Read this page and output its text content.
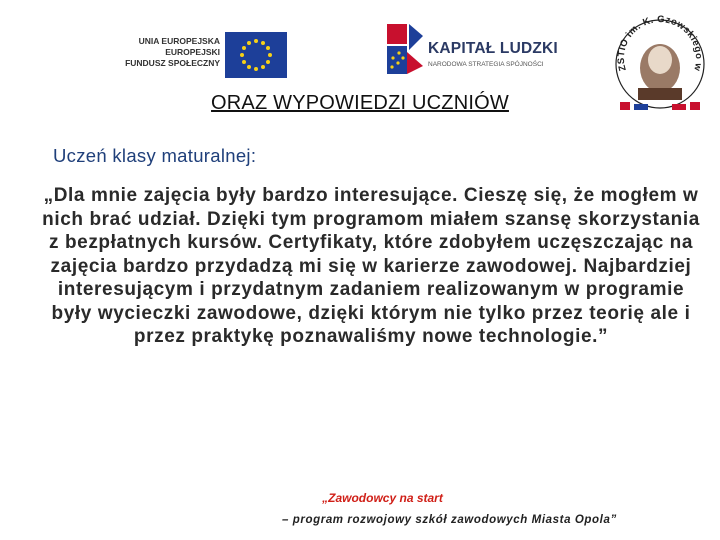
UNIA EUROPEJSKA
EUROPEJSKI
FUNDUSZ SPOŁECZNY
KAPITAŁ LUDZKI
NARODOWA STRATEGIA SPÓJNOŚCI	ZSTIO im. K. Gzowskiego w
ORAZ WYPOWIEDZI UCZNIÓW
Uczeń klasy maturalnej:
„Dla mnie zajęcia były bardzo interesujące. Cieszę się, że mogłem w nich brać udział. Dzięki tym programom miałem szansę skorzystania z bezpłatnych kursów. Certyfikaty, które zdobyłem uczęszczając na zajęcia bardzo przydadzą mi się w karierze zawodowej. Najbardziej interesującym i przydatnym zadaniem realizowanym w programie były wycieczki zawodowe, dzięki którym nie tylko przez teorię ale i przez praktykę poznawaliśmy nowe technologie.”
„Zawodowcy na start
– program rozwojowy szkół zawodowych Miasta Opola”
